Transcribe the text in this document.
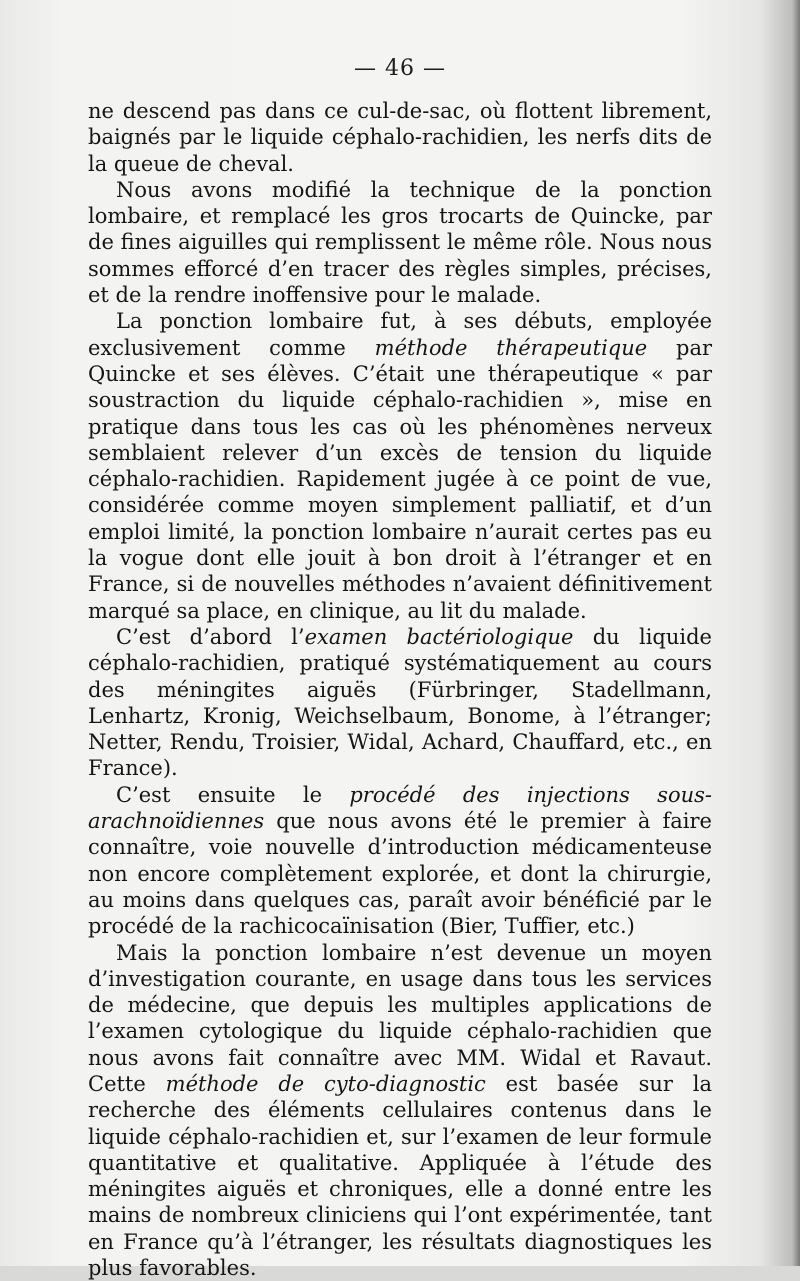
— 46 —

ne descend pas dans ce cul-de-sac, où flottent librement, baignés par le liquide céphalo-rachidien, les nerfs dits de la queue de cheval.

Nous avons modifié la technique de la ponction lombaire, et remplacé les gros trocarts de Quincke, par de fines aiguilles qui remplissent le même rôle. Nous nous sommes efforcé d’en tracer des règles simples, précises, et de la rendre inoffensive pour le malade.

La ponction lombaire fut, à ses débuts, employée exclusivement comme méthode thérapeutique par Quincke et ses élèves. C’était une thérapeutique « par soustraction du liquide céphalo-rachidien », mise en pratique dans tous les cas où les phénomènes nerveux semblaient relever d’un excès de tension du liquide céphalo-rachidien. Rapidement jugée à ce point de vue, considérée comme moyen simplement palliatif, et d’un emploi limité, la ponction lombaire n’aurait certes pas eu la vogue dont elle jouit à bon droit à l’étranger et en France, si de nouvelles méthodes n’avaient définitivement marqué sa place, en clinique, au lit du malade.

C’est d’abord l’examen bactériologique du liquide céphalo-rachidien, pratiqué systématiquement au cours des méningites aiguës (Fürbringer, Stadellmann, Lenhartz, Kronig, Weichselbaum, Bonome, à l’étranger; Netter, Rendu, Troisier, Widal, Achard, Chauffard, etc., en France).

C’est ensuite le procédé des injections sous-arachnoïdiennes que nous avons été le premier à faire connaître, voie nouvelle d’introduction médicamenteuse non encore complètement explorée, et dont la chirurgie, au moins dans quelques cas, paraît avoir bénéficié par le procédé de la rachicocaïnisation (Bier, Tuffier, etc.)

Mais la ponction lombaire n’est devenue un moyen d’investigation courante, en usage dans tous les services de médecine, que depuis les multiples applications de l’examen cytologique du liquide céphalo-rachidien que nous avons fait connaître avec MM. Widal et Ravaut. Cette méthode de cyto-diagnostic est basée sur la recherche des éléments cellulaires contenus dans le liquide céphalo-rachidien et, sur l’examen de leur formule quantitative et qualitative. Appliquée à l’étude des méningites aiguës et chroniques, elle a donné entre les mains de nombreux cliniciens qui l’ont expérimentée, tant en France qu’à l’étranger, les résultats diagnostiques les plus favorables.
